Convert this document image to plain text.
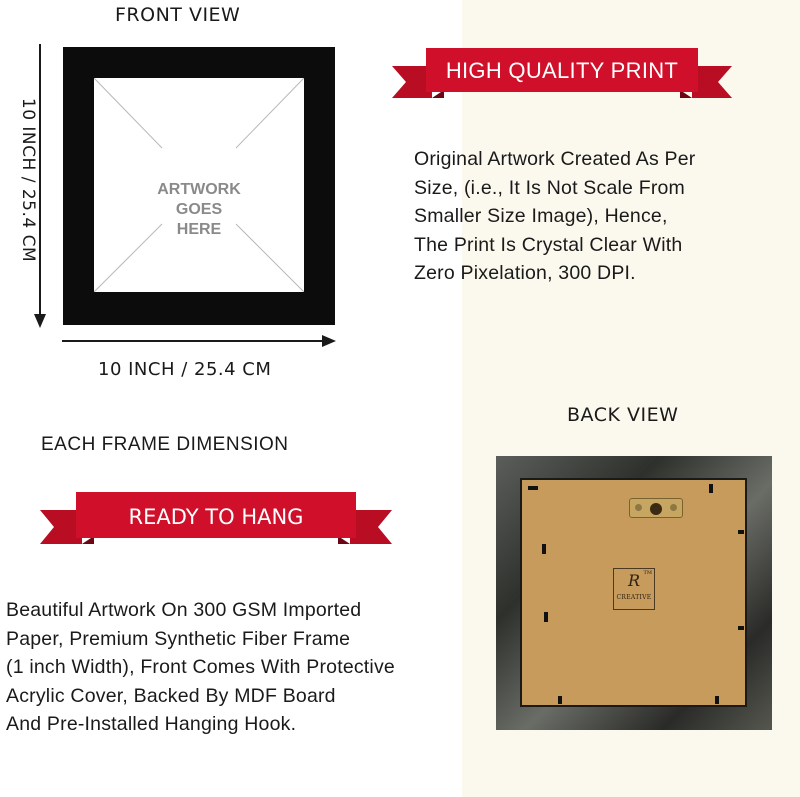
FRONT VIEW
10 INCH / 25.4 CM	ARTWORK
GOES
HERE
10 INCH / 25.4 CM
EACH FRAME DIMENSION
HIGH QUALITY PRINT
Original Artwork Created As Per
Size, (i.e., It Is Not Scale From
Smaller Size Image), Hence,
The Print Is Crystal Clear With
Zero Pixelation, 300 DPI.
READY TO HANG
Beautiful Artwork On 300 GSM Imported
Paper, Premium Synthetic Fiber Frame
(1 inch Width), Front Comes With Protective
Acrylic Cover, Backed By MDF Board
And Pre-Installed Hanging Hook.
BACK VIEW
TM
R
CREATIVE
